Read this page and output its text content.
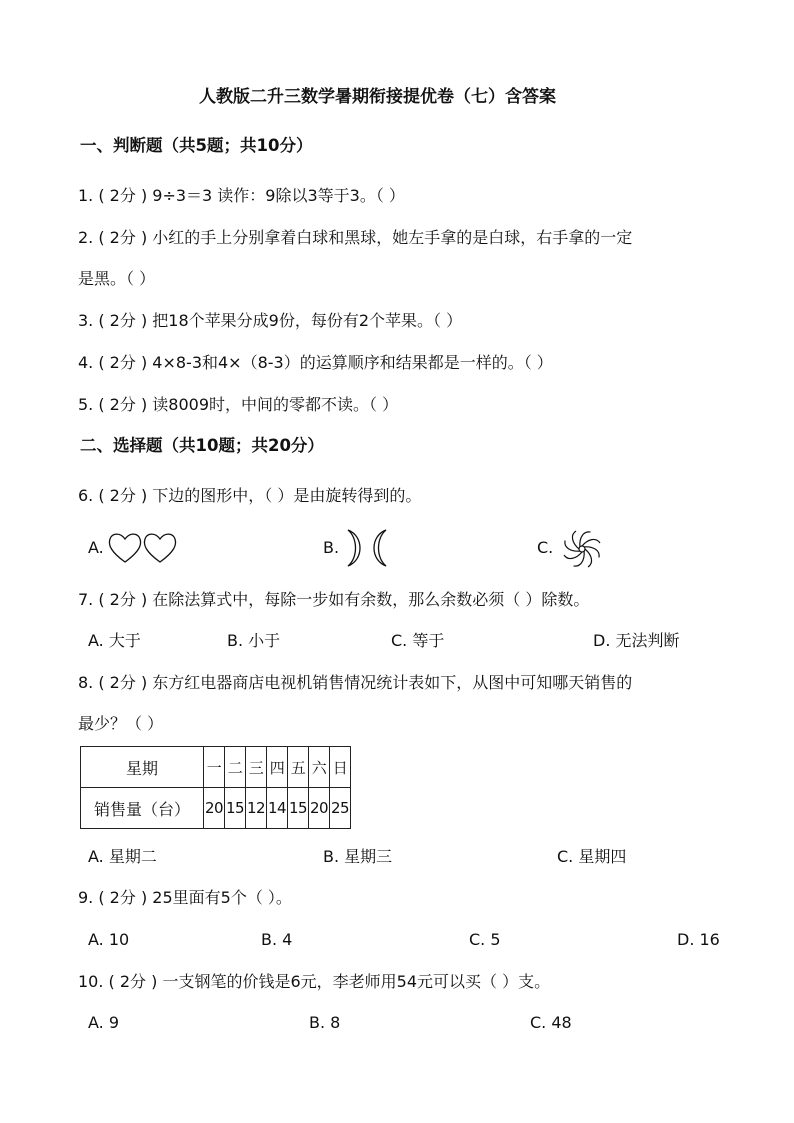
人教版二升三数学暑期衔接提优卷（七）含答案
一、判断题（共5题；共10分）
1. ( 2分 ) 9÷3＝3 读作：9除以3等于3。（ ）
2. ( 2分 ) 小红的手上分别拿着白球和黑球，她左手拿的是白球，右手拿的一定
是黑。（ ）
3. ( 2分 ) 把18个苹果分成9份，每份有2个苹果。（ ）
4. ( 2分 ) 4×8-3和4×（8-3）的运算顺序和结果都是一样的。（ ）
5. ( 2分 ) 读8009时，中间的零都不读。（ ）
二、选择题（共10题；共20分）
6. ( 2分 ) 下边的图形中，（ ）是由旋转得到的。
A.	B.	C.
7. ( 2分 ) 在除法算式中，每除一步如有余数，那么余数必须（ ）除数。
A. 大于	B. 小于	C. 等于	D. 无法判断
8. ( 2分 ) 东方红电器商店电视机销售情况统计表如下，从图中可知哪天销售的
最少？（ ）
星期	一	二	三	四	五	六	日
销售量（台）	20	15	12	14	15	20	25
A. 星期二	B. 星期三	C. 星期四
9. ( 2分 ) 25里面有5个（ ）。
A. 10	B. 4	C. 5	D. 16
10. ( 2分 ) 一支钢笔的价钱是6元，李老师用54元可以买（ ）支。
A. 9	B. 8	C. 48
